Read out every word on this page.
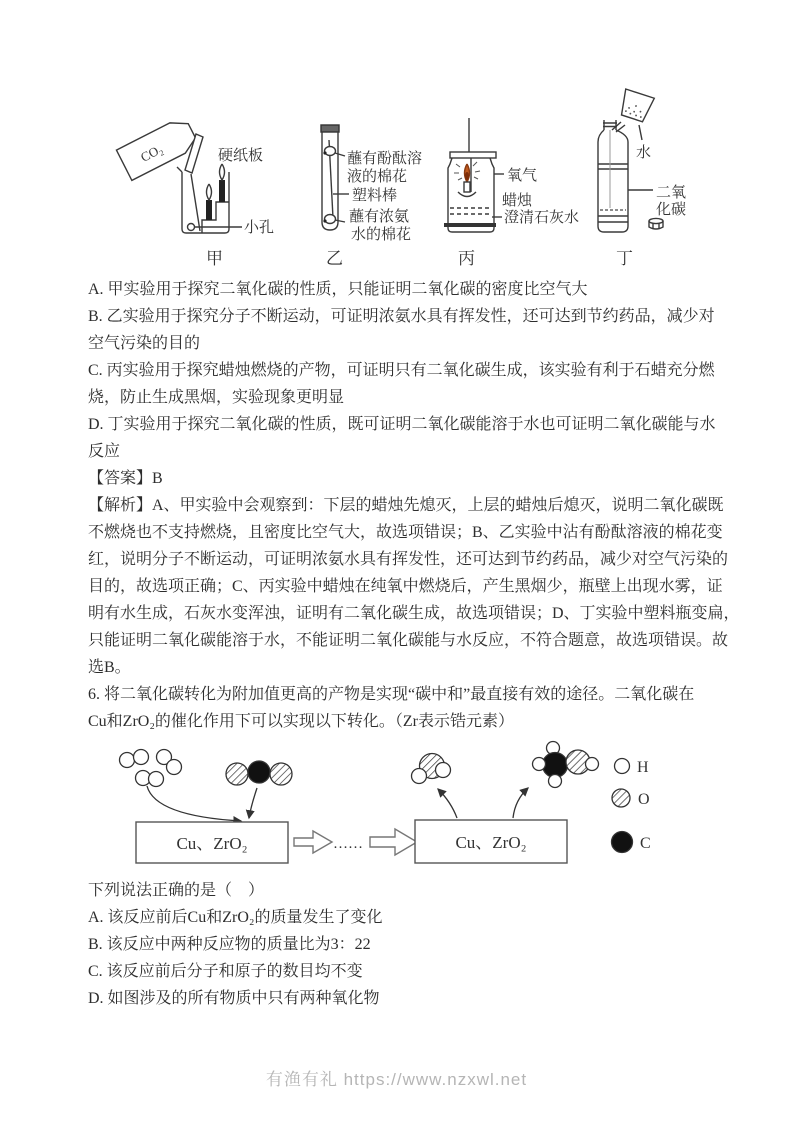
CO₂	硬纸板
小孔
甲
蘸有酚酞溶
液的棉花
塑料棒
蘸有浓氨
水的棉花
乙
氧气
蜡烛
澄清石灰水
丙
水
二氧
化碳
丁
A. 甲实验用于探究二氧化碳的性质，只能证明二氧化碳的密度比空气大
B. 乙实验用于探究分子不断运动，可证明浓氨水具有挥发性，还可达到节约药品，减少对
空气污染的目的
C. 丙实验用于探究蜡烛燃烧的产物，可证明只有二氧化碳生成，该实验有利于石蜡充分燃
烧，防止生成黑烟，实验现象更明显
D. 丁实验用于探究二氧化碳的性质，既可证明二氧化碳能溶于水也可证明二氧化碳能与水
反应
【答案】B
【解析】A、甲实验中会观察到：下层的蜡烛先熄灭，上层的蜡烛后熄灭，说明二氧化碳既
不燃烧也不支持燃烧，且密度比空气大，故选项错误；B、乙实验中沾有酚酞溶液的棉花变
红，说明分子不断运动，可证明浓氨水具有挥发性，还可达到节约药品，减少对空气污染的
目的，故选项正确；C、丙实验中蜡烛在纯氧中燃烧后，产生黑烟少，瓶壁上出现水雾，证
明有水生成，石灰水变浑浊，证明有二氧化碳生成，故选项错误；D、丁实验中塑料瓶变扁，
只能证明二氧化碳能溶于水，不能证明二氧化碳能与水反应，不符合题意，故选项错误。故
选B。
6. 将二氧化碳转化为附加值更高的产物是实现“碳中和”最直接有效的途径。二氧化碳在
Cu和ZrO₂的催化作用下可以实现以下转化。（Zr表示锆元素）
Cu、ZrO₂	……	Cu、ZrO₂
H
O
C
下列说法正确的是（    ）
A. 该反应前后Cu和ZrO₂的质量发生了变化
B. 该反应中两种反应物的质量比为3：22
C. 该反应前后分子和原子的数目均不变
D. 如图涉及的所有物质中只有两种氧化物
有渔有礼 https://www.nzxwl.net
